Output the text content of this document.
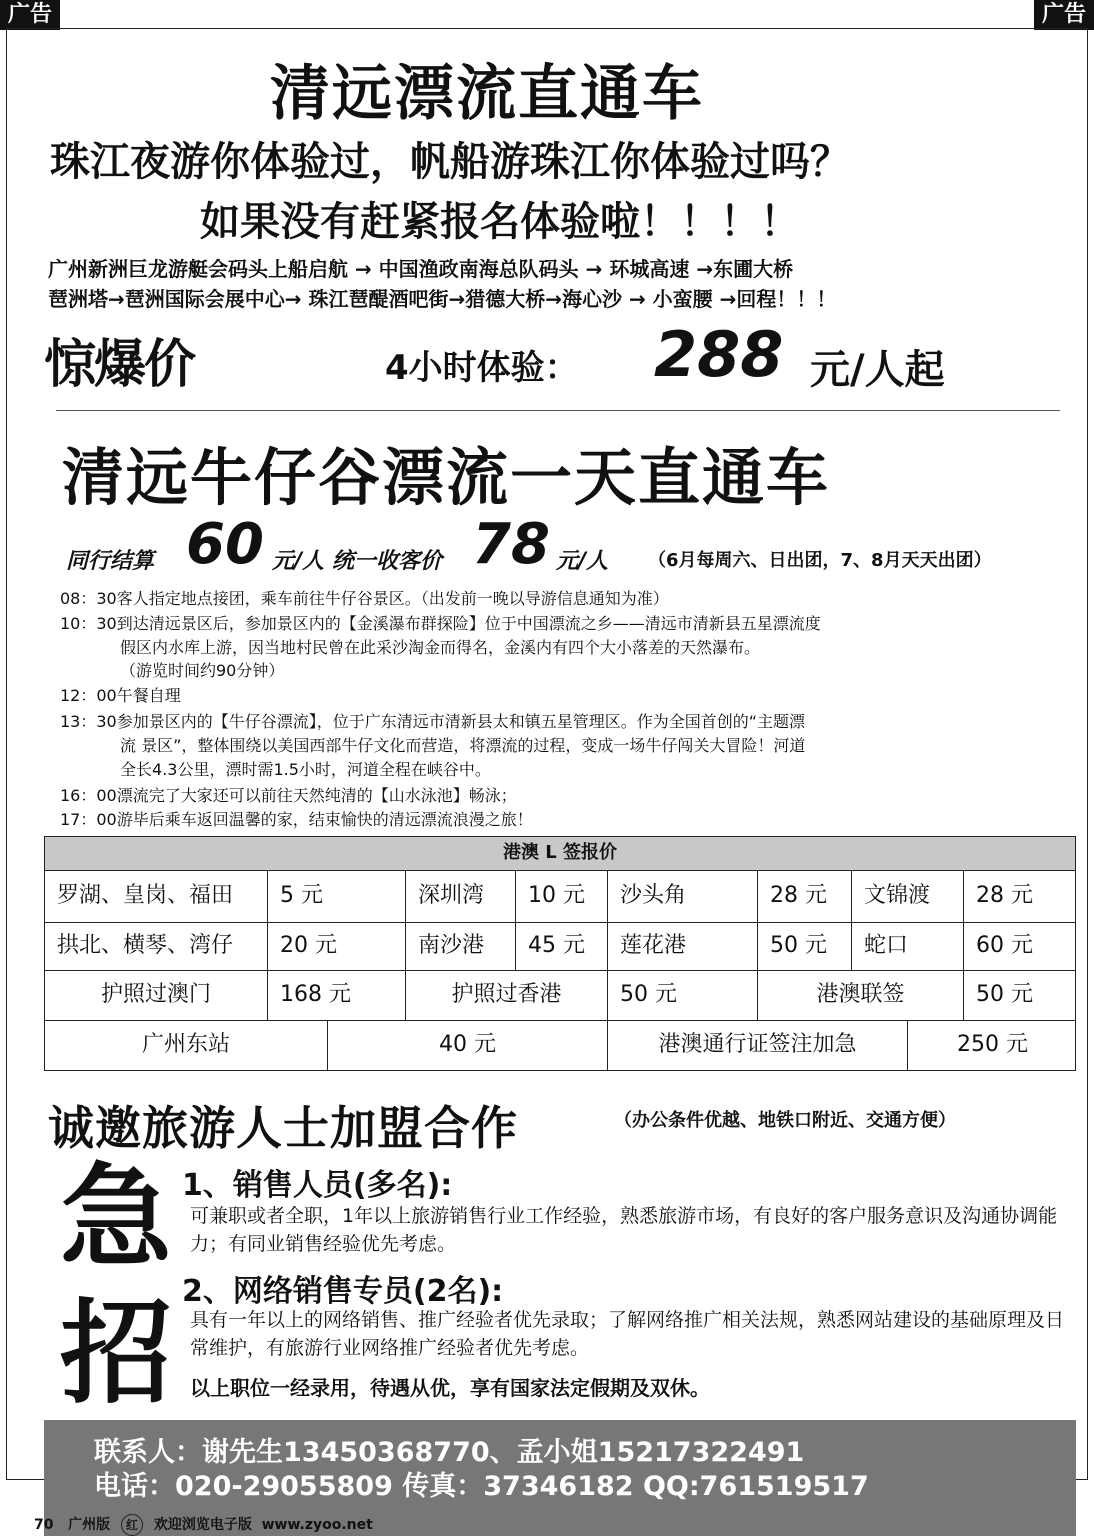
广告	广告
清远漂流直通车
珠江夜游你体验过，帆船游珠江你体验过吗？
如果没有赶紧报名体验啦！！！！
广州新洲巨龙游艇会码头上船启航 → 中国渔政南海总队码头 → 环城高速 →东圃大桥
琶洲塔→琶洲国际会展中心→ 珠江琶醍酒吧街→猎德大桥→海心沙 → 小蛮腰 →回程！！！
惊爆价	4小时体验： 288 元/人起
清远牛仔谷漂流一天直通车
同行结算 60 元/人 统一收客价 78 元/人 （6月每周六、日出团，7、8月天天出团）
08：30客人指定地点接团，乘车前往牛仔谷景区。（出发前一晚以导游信息通知为准）
10：30到达清远景区后，参加景区内的【金溪瀑布群探险】位于中国漂流之乡——清远市清新县五星漂流度
假区内水库上游，因当地村民曾在此采沙淘金而得名，金溪内有四个大小落差的天然瀑布。
（游览时间约90分钟）
12：00午餐自理
13：30参加景区内的【牛仔谷漂流】，位于广东清远市清新县太和镇五星管理区。作为全国首创的“主题漂
流 景区”，整体围绕以美国西部牛仔文化而营造，将漂流的过程，变成一场牛仔闯关大冒险！河道
全长4.3公里，漂时需1.5小时，河道全程在峡谷中。
16：00漂流完了大家还可以前往天然纯清的【山水泳池】畅泳；
17：00游毕后乘车返回温馨的家，结束愉快的清远漂流浪漫之旅！
港澳 L 签报价
罗湖、皇岗、福田	5 元	深圳湾	10 元	沙头角	28 元	文锦渡	28 元
拱北、横琴、湾仔	20 元	南沙港	45 元	莲花港	50 元	蛇口	60 元
护照过澳门	168 元	护照过香港	50 元	港澳联签	50 元
广州东站	40 元	港澳通行证签注加急	250 元
诚邀旅游人士加盟合作	（办公条件优越、地铁口附近、交通方便）
急
招
1、销售人员(多名):
可兼职或者全职，1年以上旅游销售行业工作经验，熟悉旅游市场，有良好的客户服务意识及沟通协调能力；有同业销售经验优先考虑。
2、网络销售专员(2名):
具有一年以上的网络销售、推广经验者优先录取；了解网络推广相关法规，熟悉网站建设的基础原理及日常维护，有旅游行业网络推广经验者优先考虑。
以上职位一经录用，待遇从优，享有国家法定假期及双休。
联系人：谢先生13450368770、孟小姐15217322491
电话：020-29055809 传真：37346182 QQ:761519517
70 广州版 红 欢迎浏览电子版 www.zyoo.net
